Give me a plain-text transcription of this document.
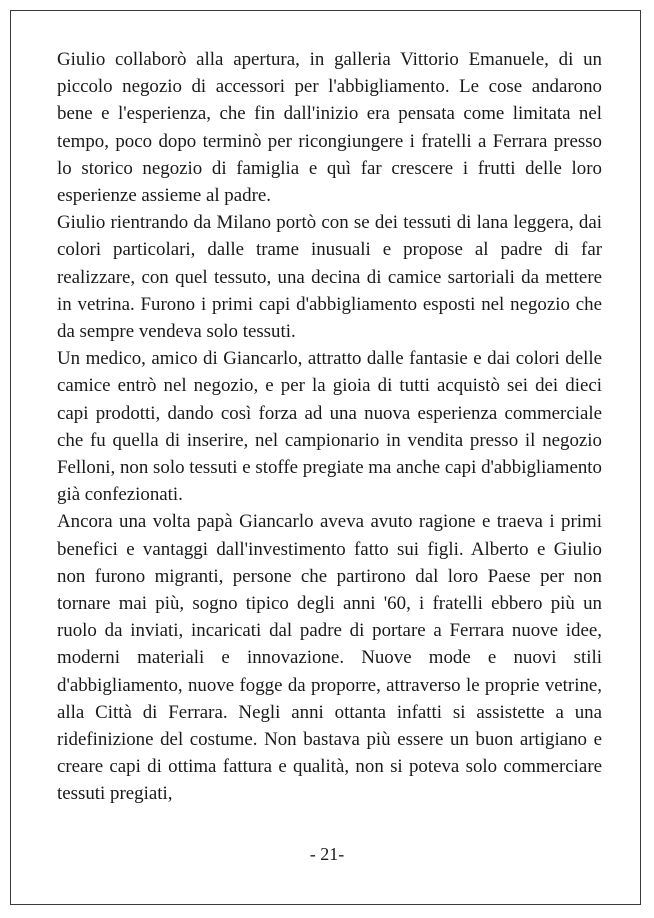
Giulio collaborò alla apertura, in galleria Vittorio Emanuele, di un piccolo negozio di accessori per l'abbigliamento. Le cose andarono bene e l'esperienza, che fin dall'inizio era pensata come limitata nel tempo, poco dopo terminò per ricongiungere i fratelli a Ferrara presso lo storico negozio di famiglia e quì far crescere i frutti delle loro esperienze assieme al padre.

Giulio rientrando da Milano portò con se dei tessuti di lana leggera, dai colori particolari, dalle trame inusuali e propose al padre di far realizzare, con quel tessuto, una decina di camice sartoriali da mettere in vetrina. Furono i primi capi d'abbigliamento esposti nel negozio che da sempre vendeva solo tessuti.

Un medico, amico di Giancarlo, attratto dalle fantasie e dai colori delle camice entrò nel negozio, e per la gioia di tutti acquistò sei dei dieci capi prodotti, dando così forza ad una nuova esperienza commerciale che fu quella di inserire, nel campionario in vendita presso il negozio Felloni, non solo tessuti e stoffe pregiate ma anche capi d'abbigliamento già confezionati.

Ancora una volta papà Giancarlo aveva avuto ragione e traeva i primi benefici e vantaggi dall'investimento fatto sui figli. Alberto e Giulio non furono migranti, persone che partirono dal loro Paese per non tornare mai più, sogno tipico degli anni '60, i fratelli ebbero più un ruolo da inviati, incaricati dal padre di portare a Ferrara nuove idee, moderni materiali e innovazione. Nuove mode e nuovi stili d'abbigliamento, nuove fogge da proporre, attraverso le proprie vetrine, alla Città di Ferrara. Negli anni ottanta infatti si assistette a una ridefinizione del costume. Non bastava più essere un buon artigiano e creare capi di ottima fattura e qualità, non si poteva solo commerciare tessuti pregiati,

- 21-
